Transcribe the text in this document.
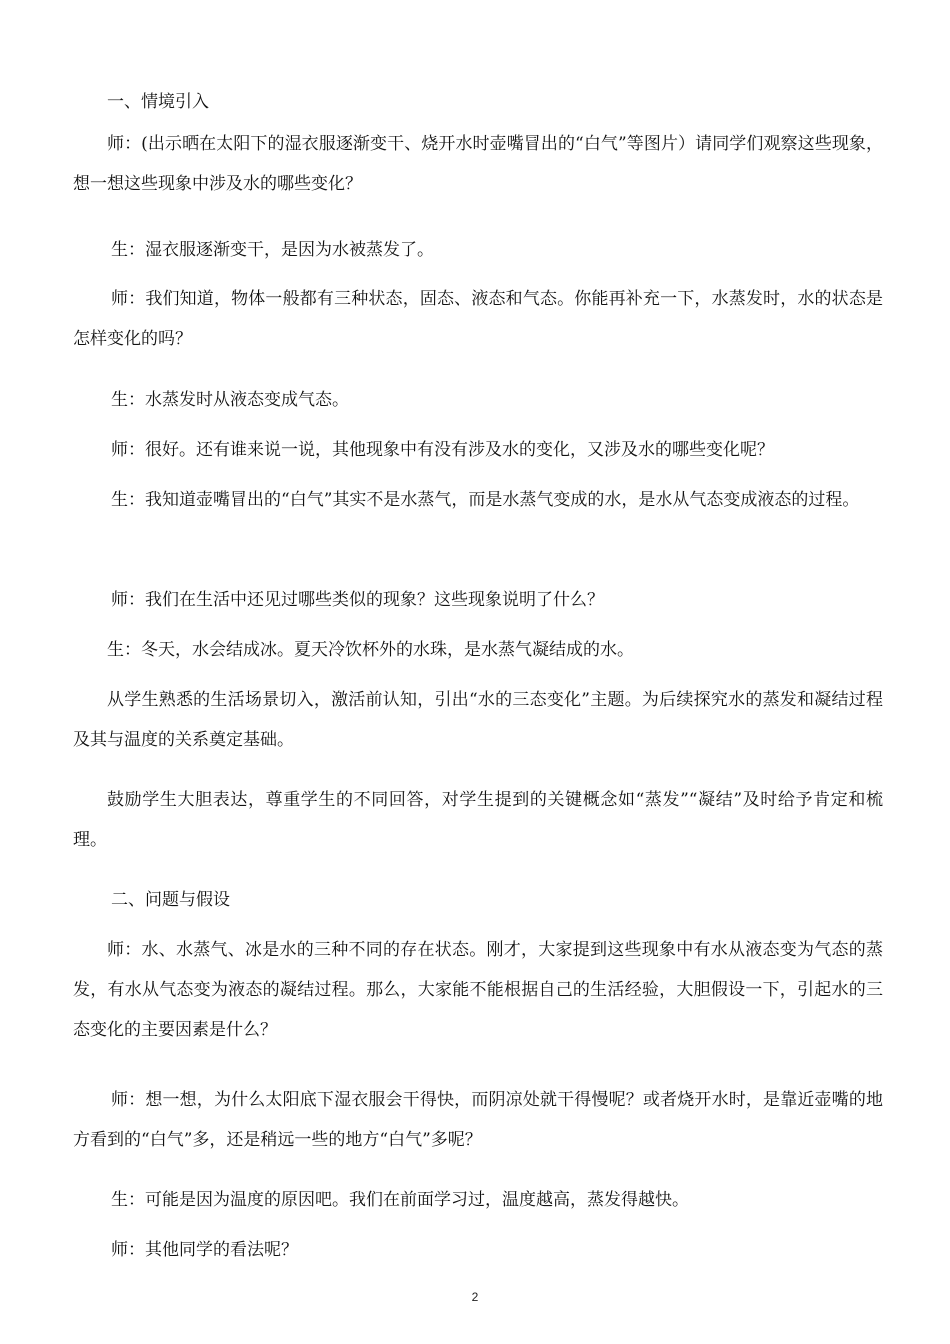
一、情境引入

师：(出示晒在太阳下的湿衣服逐渐变干、烧开水时壶嘴冒出的“白气”等图片）请同学们观察这些现象，想一想这些现象中涉及水的哪些变化？

生：湿衣服逐渐变干，是因为水被蒸发了。

师：我们知道，物体一般都有三种状态，固态、液态和气态。你能再补充一下，水蒸发时，水的状态是怎样变化的吗？

生：水蒸发时从液态变成气态。

师：很好。还有谁来说一说，其他现象中有没有涉及水的变化，又涉及水的哪些变化呢？

生：我知道壶嘴冒出的“白气”其实不是水蒸气，而是水蒸气变成的水，是水从气态变成液态的过程。

师：我们在生活中还见过哪些类似的现象？这些现象说明了什么？

生：冬天，水会结成冰。夏天冷饮杯外的水珠，是水蒸气凝结成的水。

从学生熟悉的生活场景切入，激活前认知，引出“水的三态变化”主题。为后续探究水的蒸发和凝结过程及其与温度的关系奠定基础。

鼓励学生大胆表达，尊重学生的不同回答，对学生提到的关键概念如“蒸发”“凝结”及时给予肯定和梳理。

二、问题与假设

师：水、水蒸气、冰是水的三种不同的存在状态。刚才，大家提到这些现象中有水从液态变为气态的蒸发，有水从气态变为液态的凝结过程。那么，大家能不能根据自己的生活经验，大胆假设一下，引起水的三态变化的主要因素是什么？

师：想一想，为什么太阳底下湿衣服会干得快，而阴凉处就干得慢呢？或者烧开水时，是靠近壶嘴的地方看到的“白气”多，还是稍远一些的地方“白气”多呢？

生：可能是因为温度的原因吧。我们在前面学习过，温度越高，蒸发得越快。

师：其他同学的看法呢？

2
